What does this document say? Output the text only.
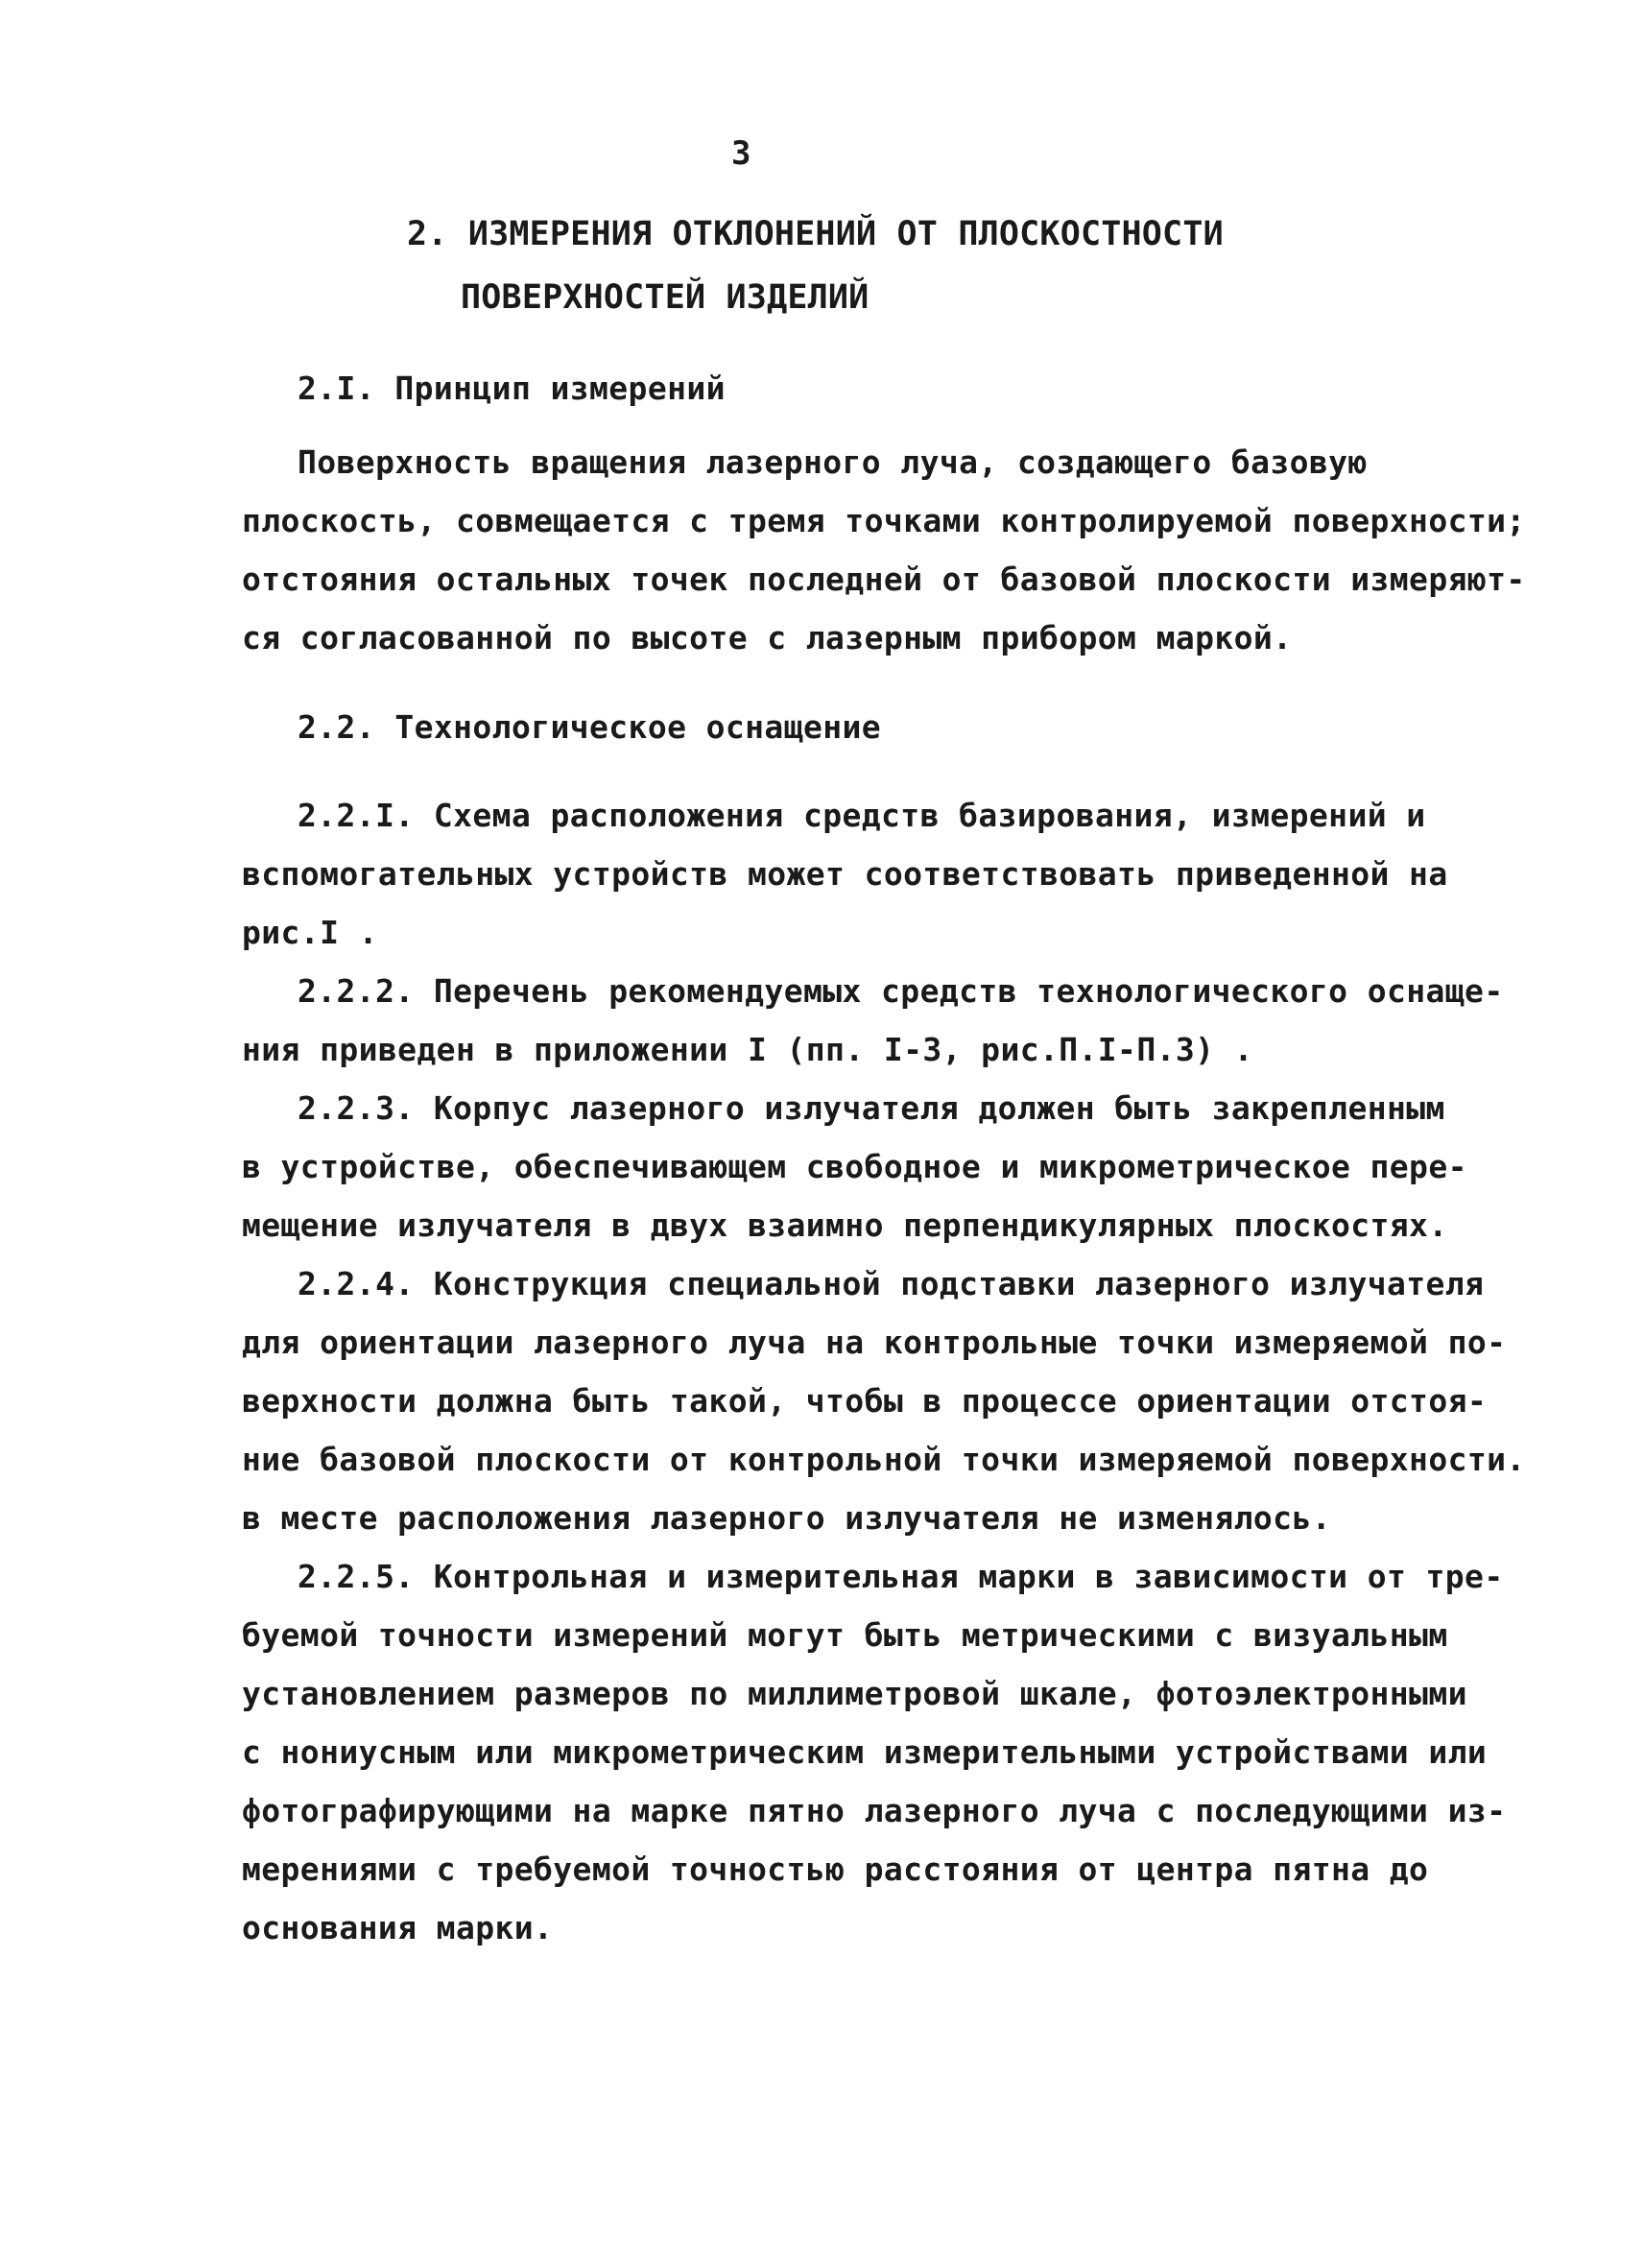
3
2. ИЗМЕРЕНИЯ ОТКЛОНЕНИЙ ОТ ПЛОСКОСТНОСТИ
ПОВЕРХНОСТЕЙ ИЗДЕЛИЙ
2.I. Принцип измерений
Поверхность вращения лазерного луча, создающего базовую
плоскость, совмещается с тремя точками контролируемой поверхности;
отстояния остальных точек последней от базовой плоскости измеряют-
ся согласованной по высоте с лазерным прибором маркой.
2.2. Технологическое оснащение
2.2.I. Схема расположения средств базирования, измерений и
вспомогательных устройств может соответствовать приведенной на
рис.I .
2.2.2. Перечень рекомендуемых средств технологического оснаще-
ния приведен в приложении I (пп. I-3, рис.П.I-П.3) .
2.2.3. Корпус лазерного излучателя должен быть закрепленным
в устройстве, обеспечивающем свободное и микрометрическое пере-
мещение излучателя в двух взаимно перпендикулярных плоскостях.
2.2.4. Конструкция специальной подставки лазерного излучателя
для ориентации лазерного луча на контрольные точки измеряемой по-
верхности должна быть такой, чтобы в процессе ориентации отстоя-
ние базовой плоскости от контрольной точки измеряемой поверхности.
в месте расположения лазерного излучателя не изменялось.
2.2.5. Контрольная и измерительная марки в зависимости от тре-
буемой точности измерений могут быть метрическими с визуальным
установлением размеров по миллиметровой шкале, фотоэлектронными
с нониусным или микрометрическим измерительными устройствами или
фотографирующими на марке пятно лазерного луча с последующими из-
мерениями с требуемой точностью расстояния от центра пятна до
основания марки.
